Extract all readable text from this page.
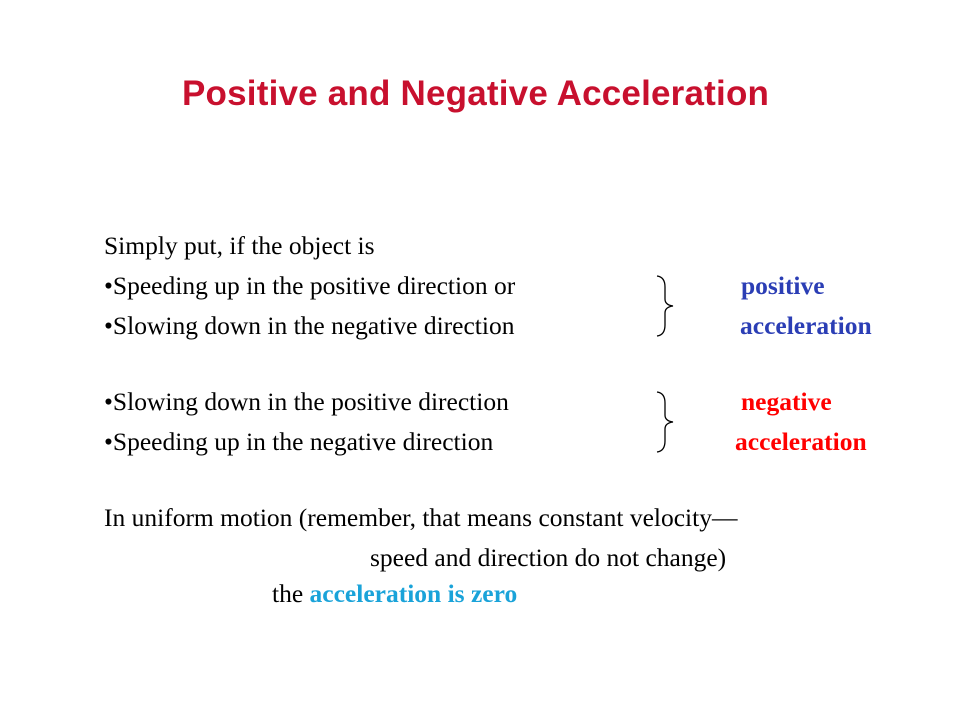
Positive and Negative Acceleration
Simply put, if the object is
•Speeding up in the positive direction or
•Slowing down in the negative direction
positive
acceleration
•Slowing down in the positive direction
•Speeding up in the negative direction
negative
acceleration
In uniform motion (remember, that means constant velocity—
speed and direction do not change)
the acceleration is zero
